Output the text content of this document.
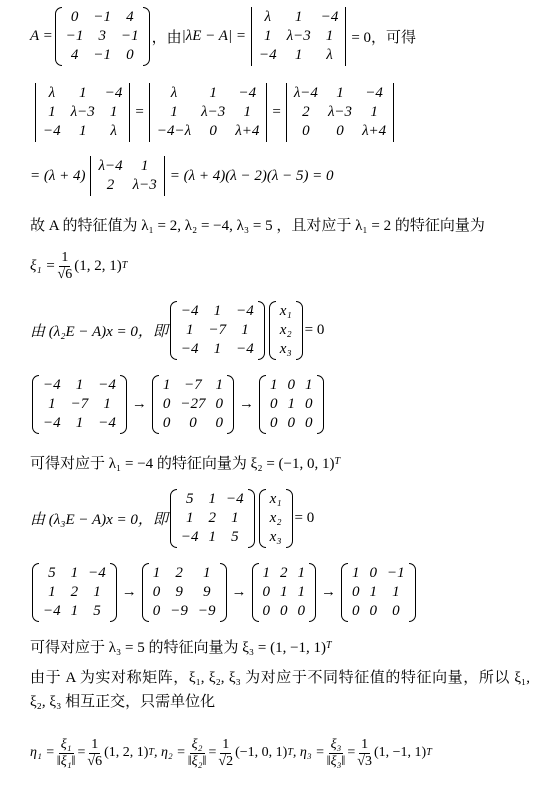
A =
0	−1	4
−1	3	−1
4	−1	0
，由 |λE − A| =
λ	1	−4
1	λ−3	1
−4	1	λ
= 0，可得
λ	1	−4
1	λ−3	1
−4	1	λ
=
λ	1	−4
1	λ−3	1
−4−λ	0	λ+4
=
λ−4	1	−4
2	λ−3	1
0	0	λ+4
= (λ + 4)
λ−4	1
2	λ−3
= (λ + 4)(λ − 2)(λ − 5) = 0
故 A 的特征值为 λ₁ = 2, λ₂ = −4, λ₃ = 5 ，且对应于 λ₁ = 2 的特征向量为
$\xi_1 = \frac{1}{√6} (1$, 2, 1) T
由 (λ₂E − A)x = 0，即
−4	1	−4
1	−7	1
−4	1	−4
x₁
x₂
x₃
= 0
−4	1	−4
1	−7	1
−4	1	−4
→
1 −7 1
0 −27 0
0	0	0
→
1 0 1
0 1 0
0 0 0
可得对应于 λ₁ = −4 的特征向量为 ξ₂ = (−1, 0, 1) T
由 (λ₃E − A)x = 0，即
5	1 −4
1	2	1
−4 1	5
x₁
x₂
x₃
= 0
5	1 −4
1	2	1
−4 1	5
→
1	2	1
0	9	9
0 −9 −9
→
1 2 1
0 1 1
0 0 0
→
1 0 −1
0 1	1
0 0	0
可得对应于 λ₃ = 5 的特征向量为 ξ₃ = (1, −1, 1) T

由于 A 为实对称矩阵，ξ₁, ξ₂, ξ₃ 为对应于不同特征值的特征向量，所以 ξ₁, ξ₂, ξ₃ 相互正交，只需单位化

$\eta_1 = \frac{\text{ξ₁}}{\text{‖ξ₁‖}} = \frac{1}{√6} (1$, 2, 1) T , $\eta_2 = \frac{\text{ξ₂}}{\text{‖ξ₂‖}} = \frac{1}{√2} (-1$, 0, 1) T , $\eta_3 = \frac{\text{ξ₃}}{\text{‖ξ₃‖}} = \frac{1}{√3} (1$, −1, 1) T
